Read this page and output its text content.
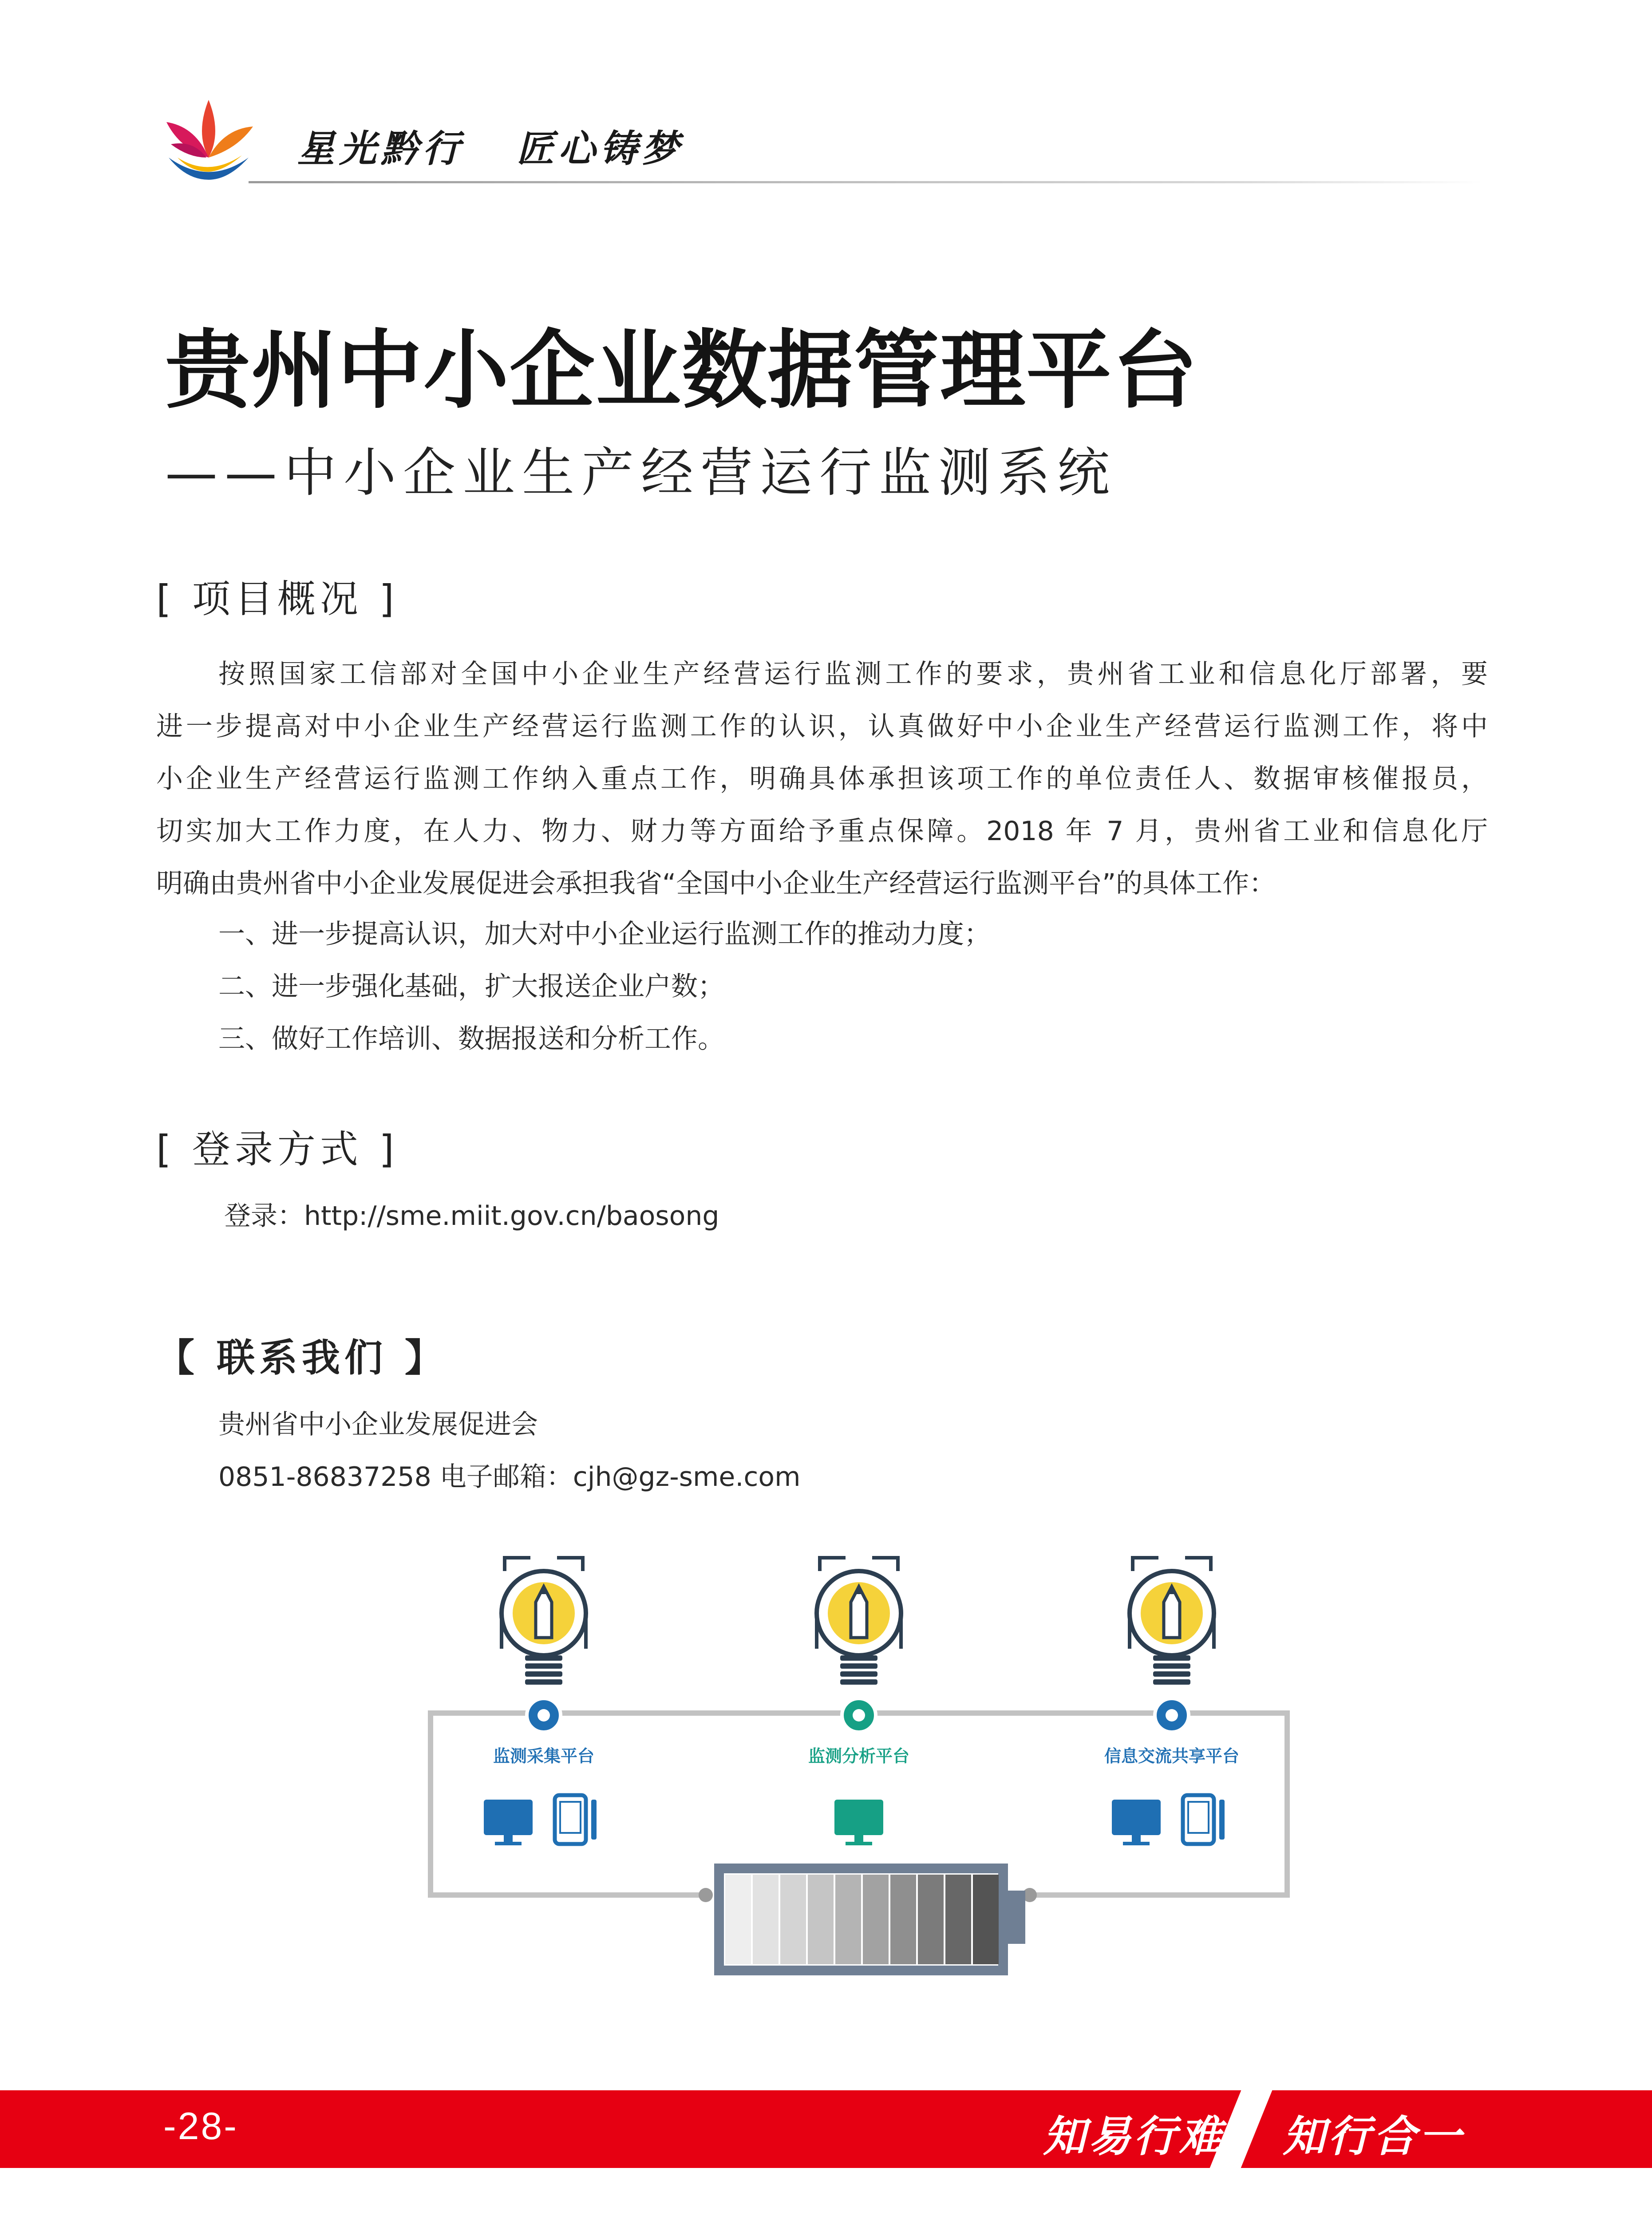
星光黔行   匠心铸梦
贵州中小企业数据管理平台
——中小企业生产经营运行监测系统
[ 项目概况 ]
按照国家工信部对全国中小企业生产经营运行监测工作的要求，贵州省工业和信息化厅部署，要
进一步提高对中小企业生产经营运行监测工作的认识，认真做好中小企业生产经营运行监测工作，将中
小企业生产经营运行监测工作纳入重点工作，明确具体承担该项工作的单位责任人、数据审核催报员，
切实加大工作力度，在人力、物力、财力等方面给予重点保障。2018 年 7 月，贵州省工业和信息化厅
明确由贵州省中小企业发展促进会承担我省“全国中小企业生产经营运行监测平台”的具体工作：
一、进一步提高认识，加大对中小企业运行监测工作的推动力度；
二、进一步强化基础，扩大报送企业户数；
三、做好工作培训、数据报送和分析工作。
[ 登录方式 ]
登录：http://sme.miit.gov.cn/baosong
【 联系我们 】
贵州省中小企业发展促进会
0851-86837258 电子邮箱：cjh@gz-sme.com
监测采集平台	监测分析平台	信息交流共享平台
-28-	知易行难 知行合一
